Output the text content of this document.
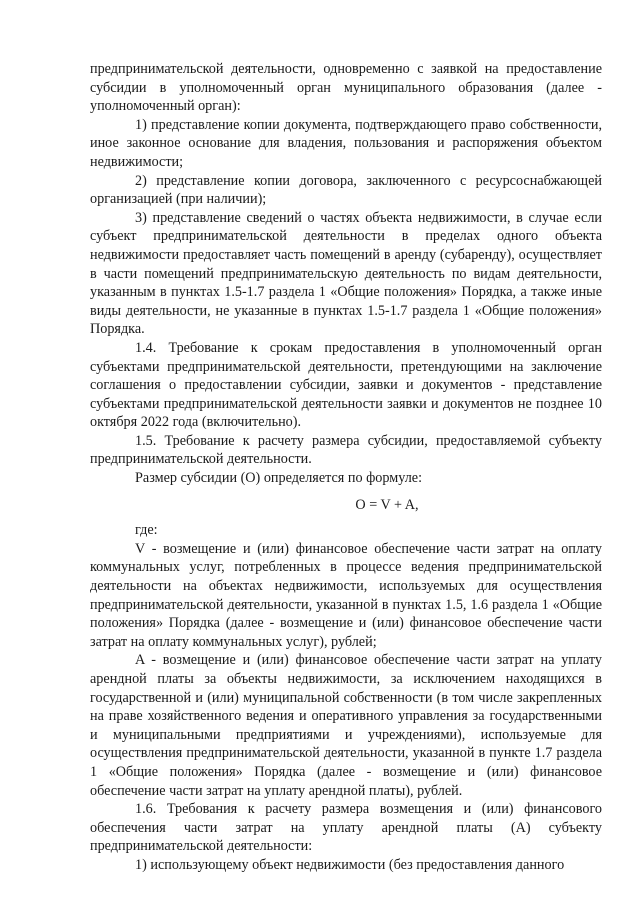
предпринимательской деятельности, одновременно с заявкой на предоставление субсидии в уполномоченный орган муниципального образования (далее - уполномоченный орган):

1) представление копии документа, подтверждающего право собственности, иное законное основание для владения, пользования и распоряжения объектом недвижимости;

2) представление копии договора, заключенного с ресурсоснабжающей организацией (при наличии);

3) представление сведений о частях объекта недвижимости, в случае если субъект предпринимательской деятельности в пределах одного объекта недвижимости предоставляет часть помещений в аренду (субаренду), осуществляет в части помещений предпринимательскую деятельность по видам деятельности, указанным в пунктах 1.5-1.7 раздела 1 «Общие положения» Порядка, а также иные виды деятельности, не указанные в пунктах 1.5-1.7 раздела 1 «Общие положения» Порядка.

1.4. Требование к срокам предоставления в уполномоченный орган субъектами предпринимательской деятельности, претендующими на заключение соглашения о предоставлении субсидии, заявки и документов - представление субъектами предпринимательской деятельности заявки и документов не позднее 10 октября 2022 года (включительно).

1.5. Требование к расчету размера субсидии, предоставляемой субъекту предпринимательской деятельности.

Размер субсидии (О) определяется по формуле:

O = V + A,

где:

V - возмещение и (или) финансовое обеспечение части затрат на оплату коммунальных услуг, потребленных в процессе ведения предпринимательской деятельности на объектах недвижимости, используемых для осуществления предпринимательской деятельности, указанной в пунктах 1.5, 1.6 раздела 1 «Общие положения» Порядка (далее - возмещение и (или) финансовое обеспечение части затрат на оплату коммунальных услуг), рублей;

A - возмещение и (или) финансовое обеспечение части затрат на уплату арендной платы за объекты недвижимости, за исключением находящихся в государственной и (или) муниципальной собственности (в том числе закрепленных на праве хозяйственного ведения и оперативного управления за государственными и муниципальными предприятиями и учреждениями), используемые для осуществления предпринимательской деятельности, указанной в пункте 1.7 раздела 1 «Общие положения» Порядка (далее - возмещение и (или) финансовое обеспечение части затрат на уплату арендной платы), рублей.

1.6. Требования к расчету размера возмещения и (или) финансового обеспечения части затрат на уплату арендной платы (A) субъекту предпринимательской деятельности:

1) использующему объект недвижимости (без предоставления данного
